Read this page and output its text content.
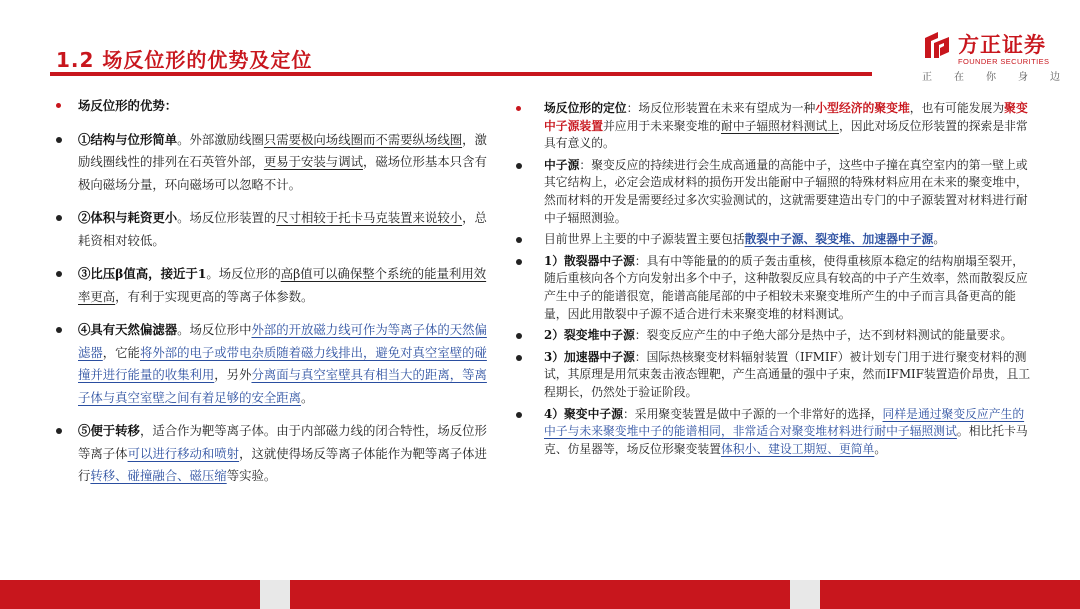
1.2 场反位形的优势及定位
方正证券
FOUNDER SECURITIES
正 在 你 身 边
场反位形的优势：
①结构与位形简单。外部激励线圈只需要极向场线圈而不需要纵场线圈，激励线圈线性的排列在石英管外部，更易于安装与调试，磁场位形基本只含有极向磁场分量，环向磁场可以忽略不计。
②体积与耗资更小。场反位形装置的尺寸相较于托卡马克装置来说较小，总耗资相对较低。
③比压β值高，接近于1。场反位形的高β值可以确保整个系统的能量利用效率更高，有利于实现更高的等离子体参数。
④具有天然偏滤器。场反位形中外部的开放磁力线可作为等离子体的天然偏滤器，它能将外部的电子或带电杂质随着磁力线排出，避免对真空室壁的碰撞并进行能量的收集利用，另外分离面与真空室壁具有相当大的距离，等离子体与真空室壁之间有着足够的安全距离。
⑤便于转移，适合作为靶等离子体。由于内部磁力线的闭合特性，场反位形等离子体可以进行移动和喷射，这就使得场反等离子体能作为靶等离子体进行转移、碰撞融合、磁压缩等实验。
场反位形的定位：场反位形装置在未来有望成为一种小型经济的聚变堆，也有可能发展为聚变中子源装置并应用于未来聚变堆的耐中子辐照材料测试上，因此对场反位形装置的探索是非常具有意义的。
中子源：聚变反应的持续进行会生成高通量的高能中子，这些中子撞在真空室内的第一壁上或其它结构上，必定会造成材料的损伤开发出能耐中子辐照的特殊材料应用在未来的聚变堆中，然而材料的开发是需要经过多次实验测试的，这就需要建造出专门的中子源装置对材料进行耐中子辐照测验。
目前世界上主要的中子源装置主要包括散裂中子源、裂变堆、加速器中子源。
1）散裂器中子源：具有中等能量的的质子轰击重核，使得重核原本稳定的结构崩塌至裂开，随后重核向各个方向发射出多个中子，这种散裂反应具有较高的中子产生效率，然而散裂反应产生中子的能谱很宽，能谱高能尾部的中子相较未来聚变堆所产生的中子而言具备更高的能量，因此用散裂中子源不适合进行未来聚变堆的材料测试。
2）裂变堆中子源：裂变反应产生的中子绝大部分是热中子，达不到材料测试的能量要求。
3）加速器中子源：国际热核聚变材料辐射装置（IFMIF）被计划专门用于进行聚变材料的测试，其原理是用氘束轰击液态锂靶，产生高通量的强中子束，然而IFMIF装置造价昂贵，且工程期长，仍然处于验证阶段。
4）聚变中子源：采用聚变装置是做中子源的一个非常好的选择，同样是通过聚变反应产生的中子与未来聚变堆中子的能谱相同，非常适合对聚变堆材料进行耐中子辐照测试。相比托卡马克、仿星器等，场反位形聚变装置体积小、建设工期短、更简单。
